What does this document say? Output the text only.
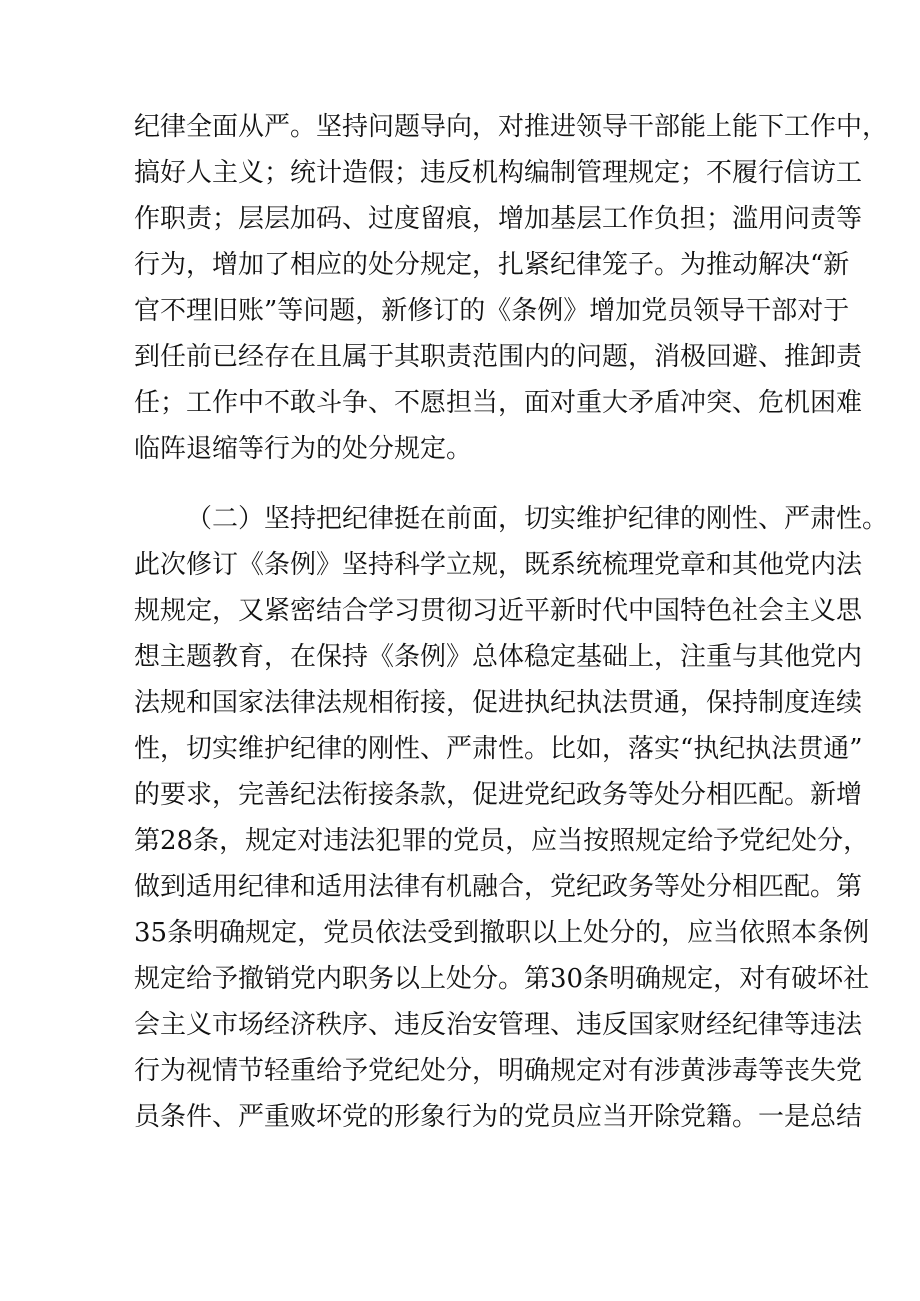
纪律全面从严。坚持问题导向，对推进领导干部能上能下工作中，
搞好人主义；统计造假；违反机构编制管理规定；不履行信访工
作职责；层层加码、过度留痕，增加基层工作负担；滥用问责等
行为，增加了相应的处分规定，扎紧纪律笼子。为推动解决“新
官不理旧账”等问题，新修订的《条例》增加党员领导干部对于
到任前已经存在且属于其职责范围内的问题，消极回避、推卸责
任；工作中不敢斗争、不愿担当，面对重大矛盾冲突、危机困难
临阵退缩等行为的处分规定。
（二）坚持把纪律挺在前面，切实维护纪律的刚性、严肃性。
此次修订《条例》坚持科学立规，既系统梳理党章和其他党内法
规规定，又紧密结合学习贯彻习近平新时代中国特色社会主义思
想主题教育，在保持《条例》总体稳定基础上，注重与其他党内
法规和国家法律法规相衔接，促进执纪执法贯通，保持制度连续
性，切实维护纪律的刚性、严肃性。比如，落实“执纪执法贯通”
的要求，完善纪法衔接条款，促进党纪政务等处分相匹配。新增
第28条，规定对违法犯罪的党员，应当按照规定给予党纪处分，
做到适用纪律和适用法律有机融合，党纪政务等处分相匹配。第
35条明确规定，党员依法受到撤职以上处分的，应当依照本条例
规定给予撤销党内职务以上处分。第30条明确规定，对有破坏社
会主义市场经济秩序、违反治安管理、违反国家财经纪律等违法
行为视情节轻重给予党纪处分，明确规定对有涉黄涉毒等丧失党
员条件、严重败坏党的形象行为的党员应当开除党籍。一是总结
